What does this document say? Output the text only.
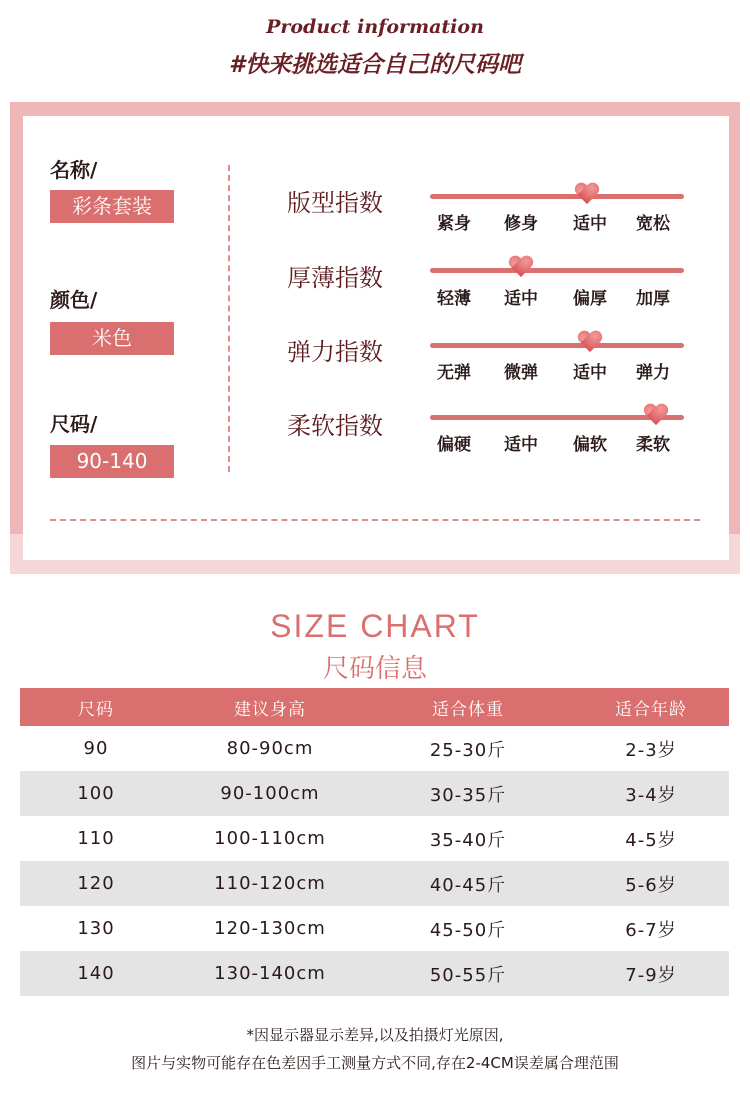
Product information
#快来挑选适合自己的尺码吧
名称/
彩条套装
颜色/
米色
尺码/
90-140
版型指数
紧身	修身	适中	宽松
厚薄指数
轻薄	适中	偏厚	加厚
弹力指数
无弹	微弹	适中	弹力
柔软指数
偏硬	适中	偏软	柔软
SIZE CHART
尺码信息
尺码	建议身高	适合体重	适合年龄
90	80-90cm	25-30斤	2-3岁
100	90-100cm	30-35斤	3-4岁
110	100-110cm	35-40斤	4-5岁
120	110-120cm	40-45斤	5-6岁
130	120-130cm	45-50斤	6-7岁
140	130-140cm	50-55斤	7-9岁
*因显示器显示差异,以及拍摄灯光原因,
图片与实物可能存在色差因手工测量方式不同,存在2-4CM误差属合理范围
